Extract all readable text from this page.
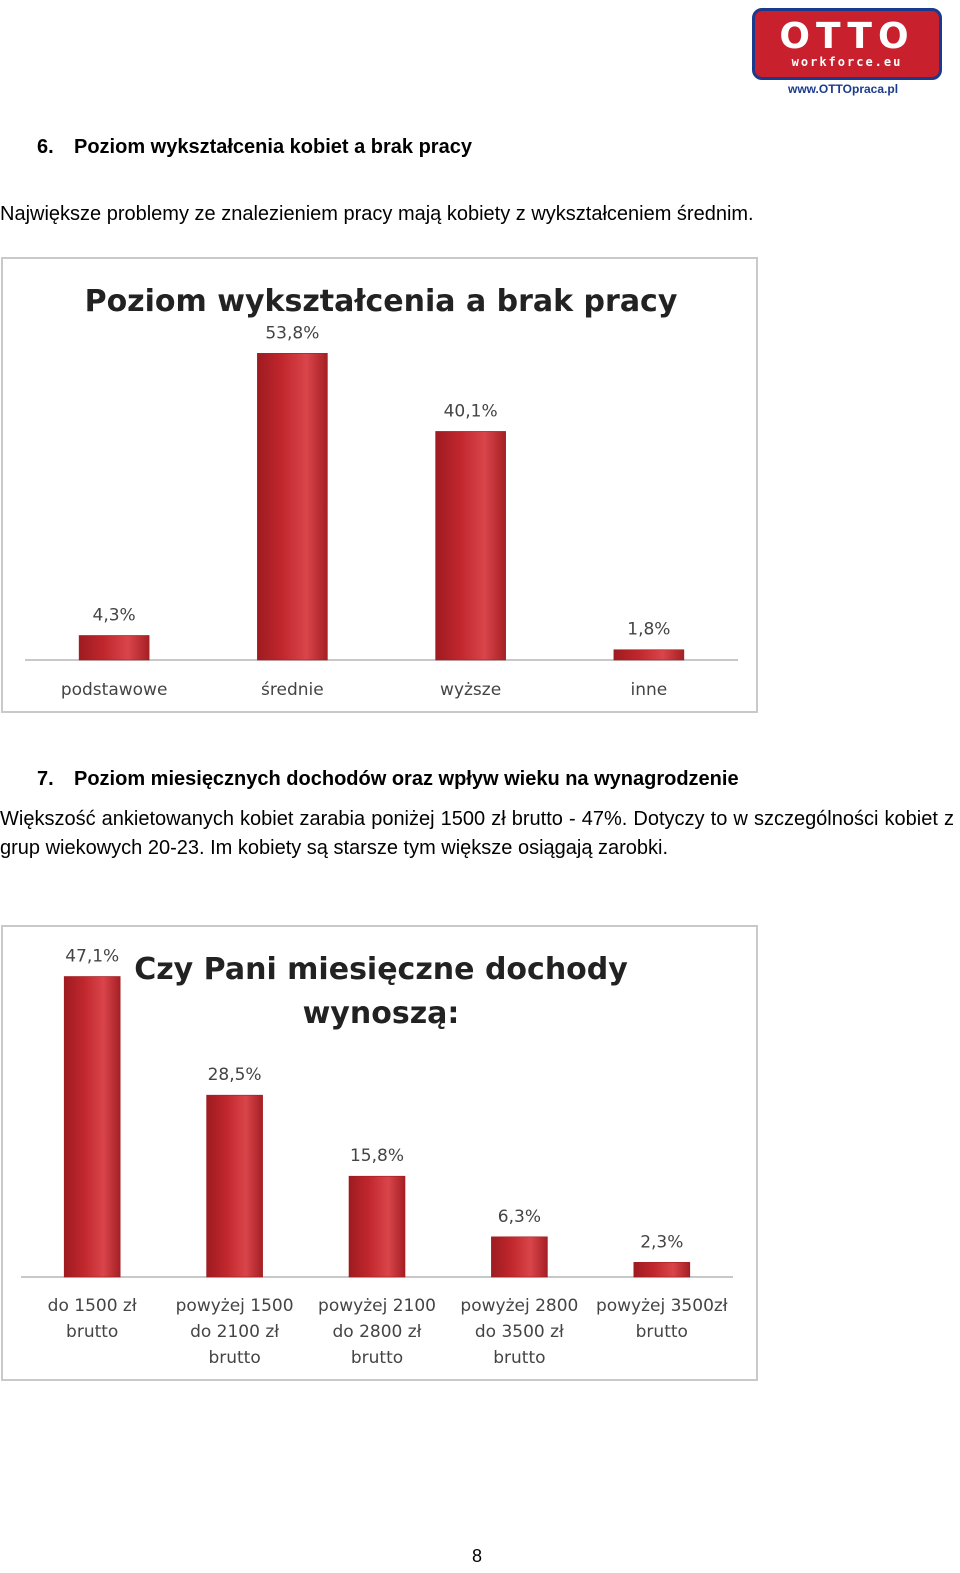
OTTO
workforce.eu
www.OTTOpraca.pl
6. Poziom wykształcenia kobiet a brak pracy
Największe problemy ze znalezieniem pracy mają kobiety z wykształceniem średnim.
Poziom wykształcenia a brak pracy
4,3%
podstawowe
53,8%
średnie
40,1%
wyższe
1,8%
inne
7. Poziom miesięcznych dochodów oraz wpływ wieku na wynagrodzenie
Większość ankietowanych kobiet zarabia poniżej 1500 zł brutto - 47%. Dotyczy to w szczególności kobiet z grup wiekowych 20-23. Im kobiety są starsze tym większe osiągają zarobki.
Czy Pani miesięczne dochody wynoszą:
47,1%
do 1500 zł brutto
28,5%
powyżej 1500 do 2100 zł brutto
15,8%
powyżej 2100 do 2800 zł brutto
6,3%
powyżej 2800 do 3500 zł brutto
2,3%
powyżej 3500zł brutto
8
